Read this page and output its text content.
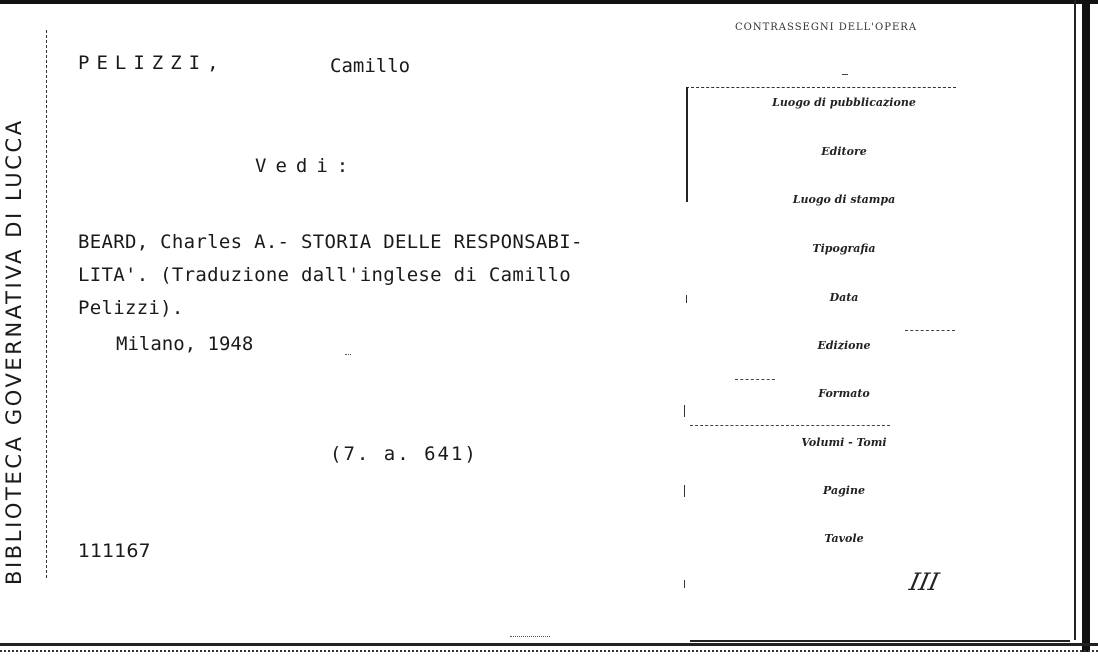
BIBLIOTECA GOVERNATIVA DI LUCCA
PELIZZI,	Camillo
Vedi:
BEARD, Charles A.- STORIA DELLE RESPONSABI-
LITA'. (Traduzione dall'inglese di Camillo
Pelizzi).
Milano, 1948
(7. a. 641)
111167
CONTRASSEGNI DELL'OPERA
Luogo di pubblicazione
Editore
Luogo di stampa
Tipografia
Data
Edizione
Formato
Volumi - Tomi
Pagine
Tavole
III
